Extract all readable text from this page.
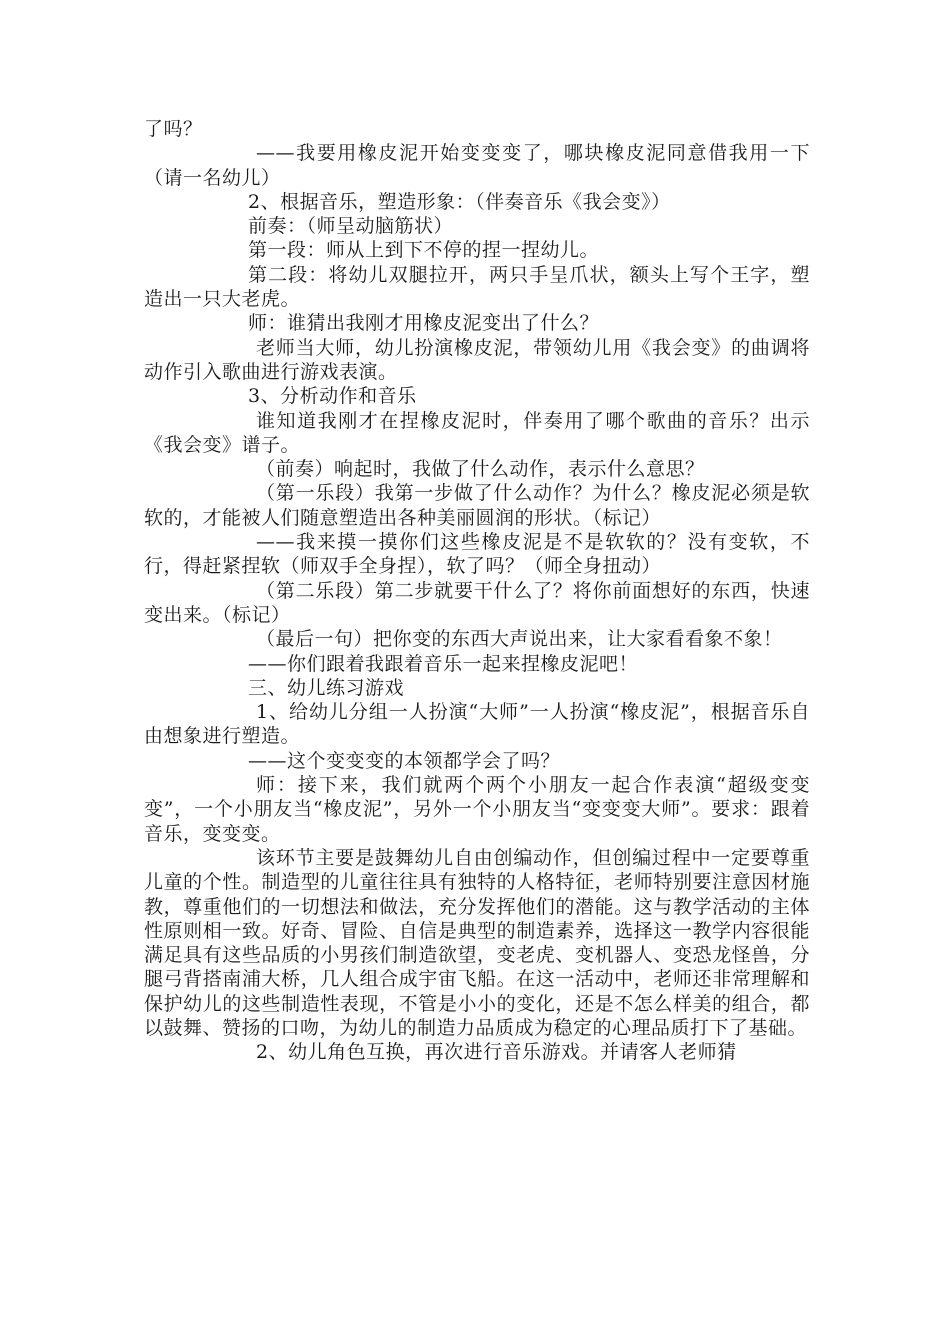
了吗？

——我要用橡皮泥开始变变变了，哪块橡皮泥同意借我用一下（请一名幼儿）

2、根据音乐，塑造形象：（伴奏音乐《我会变》）

前奏：（师呈动脑筋状）

第一段：师从上到下不停的捏一捏幼儿。

第二段：将幼儿双腿拉开，两只手呈爪状，额头上写个王字，塑造出一只大老虎。

师：谁猜出我刚才用橡皮泥变出了什么？

老师当大师，幼儿扮演橡皮泥，带领幼儿用《我会变》的曲调将动作引入歌曲进行游戏表演。

3、分析动作和音乐

谁知道我刚才在捏橡皮泥时，伴奏用了哪个歌曲的音乐？出示《我会变》谱子。

（前奏）响起时，我做了什么动作，表示什么意思？

（第一乐段）我第一步做了什么动作？为什么？橡皮泥必须是软软的，才能被人们随意塑造出各种美丽圆润的形状。（标记）

——我来摸一摸你们这些橡皮泥是不是软软的？没有变软，不行，得赶紧捏软（师双手全身捏），软了吗？（师全身扭动）

（第二乐段）第二步就要干什么了？将你前面想好的东西，快速变出来。（标记）

（最后一句）把你变的东西大声说出来，让大家看看象不象！

——你们跟着我跟着音乐一起来捏橡皮泥吧！

三、幼儿练习游戏

1、给幼儿分组一人扮演“大师”一人扮演“橡皮泥”，根据音乐自由想象进行塑造。

——这个变变变的本领都学会了吗？

师：接下来，我们就两个两个小朋友一起合作表演“超级变变变”，一个小朋友当“橡皮泥”，另外一个小朋友当“变变变大师”。要求：跟着音乐，变变变。

该环节主要是鼓舞幼儿自由创编动作，但创编过程中一定要尊重儿童的个性。制造型的儿童往往具有独特的人格特征，老师特别要注意因材施教，尊重他们的一切想法和做法，充分发挥他们的潜能。这与教学活动的主体性原则相一致。好奇、冒险、自信是典型的制造素养，选择这一教学内容很能满足具有这些品质的小男孩们制造欲望，变老虎、变机器人、变恐龙怪兽，分腿弓背搭南浦大桥，几人组合成宇宙飞船。在这一活动中，老师还非常理解和保护幼儿的这些制造性表现，不管是小小的变化，还是不怎么样美的组合，都以鼓舞、赞扬的口吻，为幼儿的制造力品质成为稳定的心理品质打下了基础。

2、幼儿角色互换，再次进行音乐游戏。并请客人老师猜
